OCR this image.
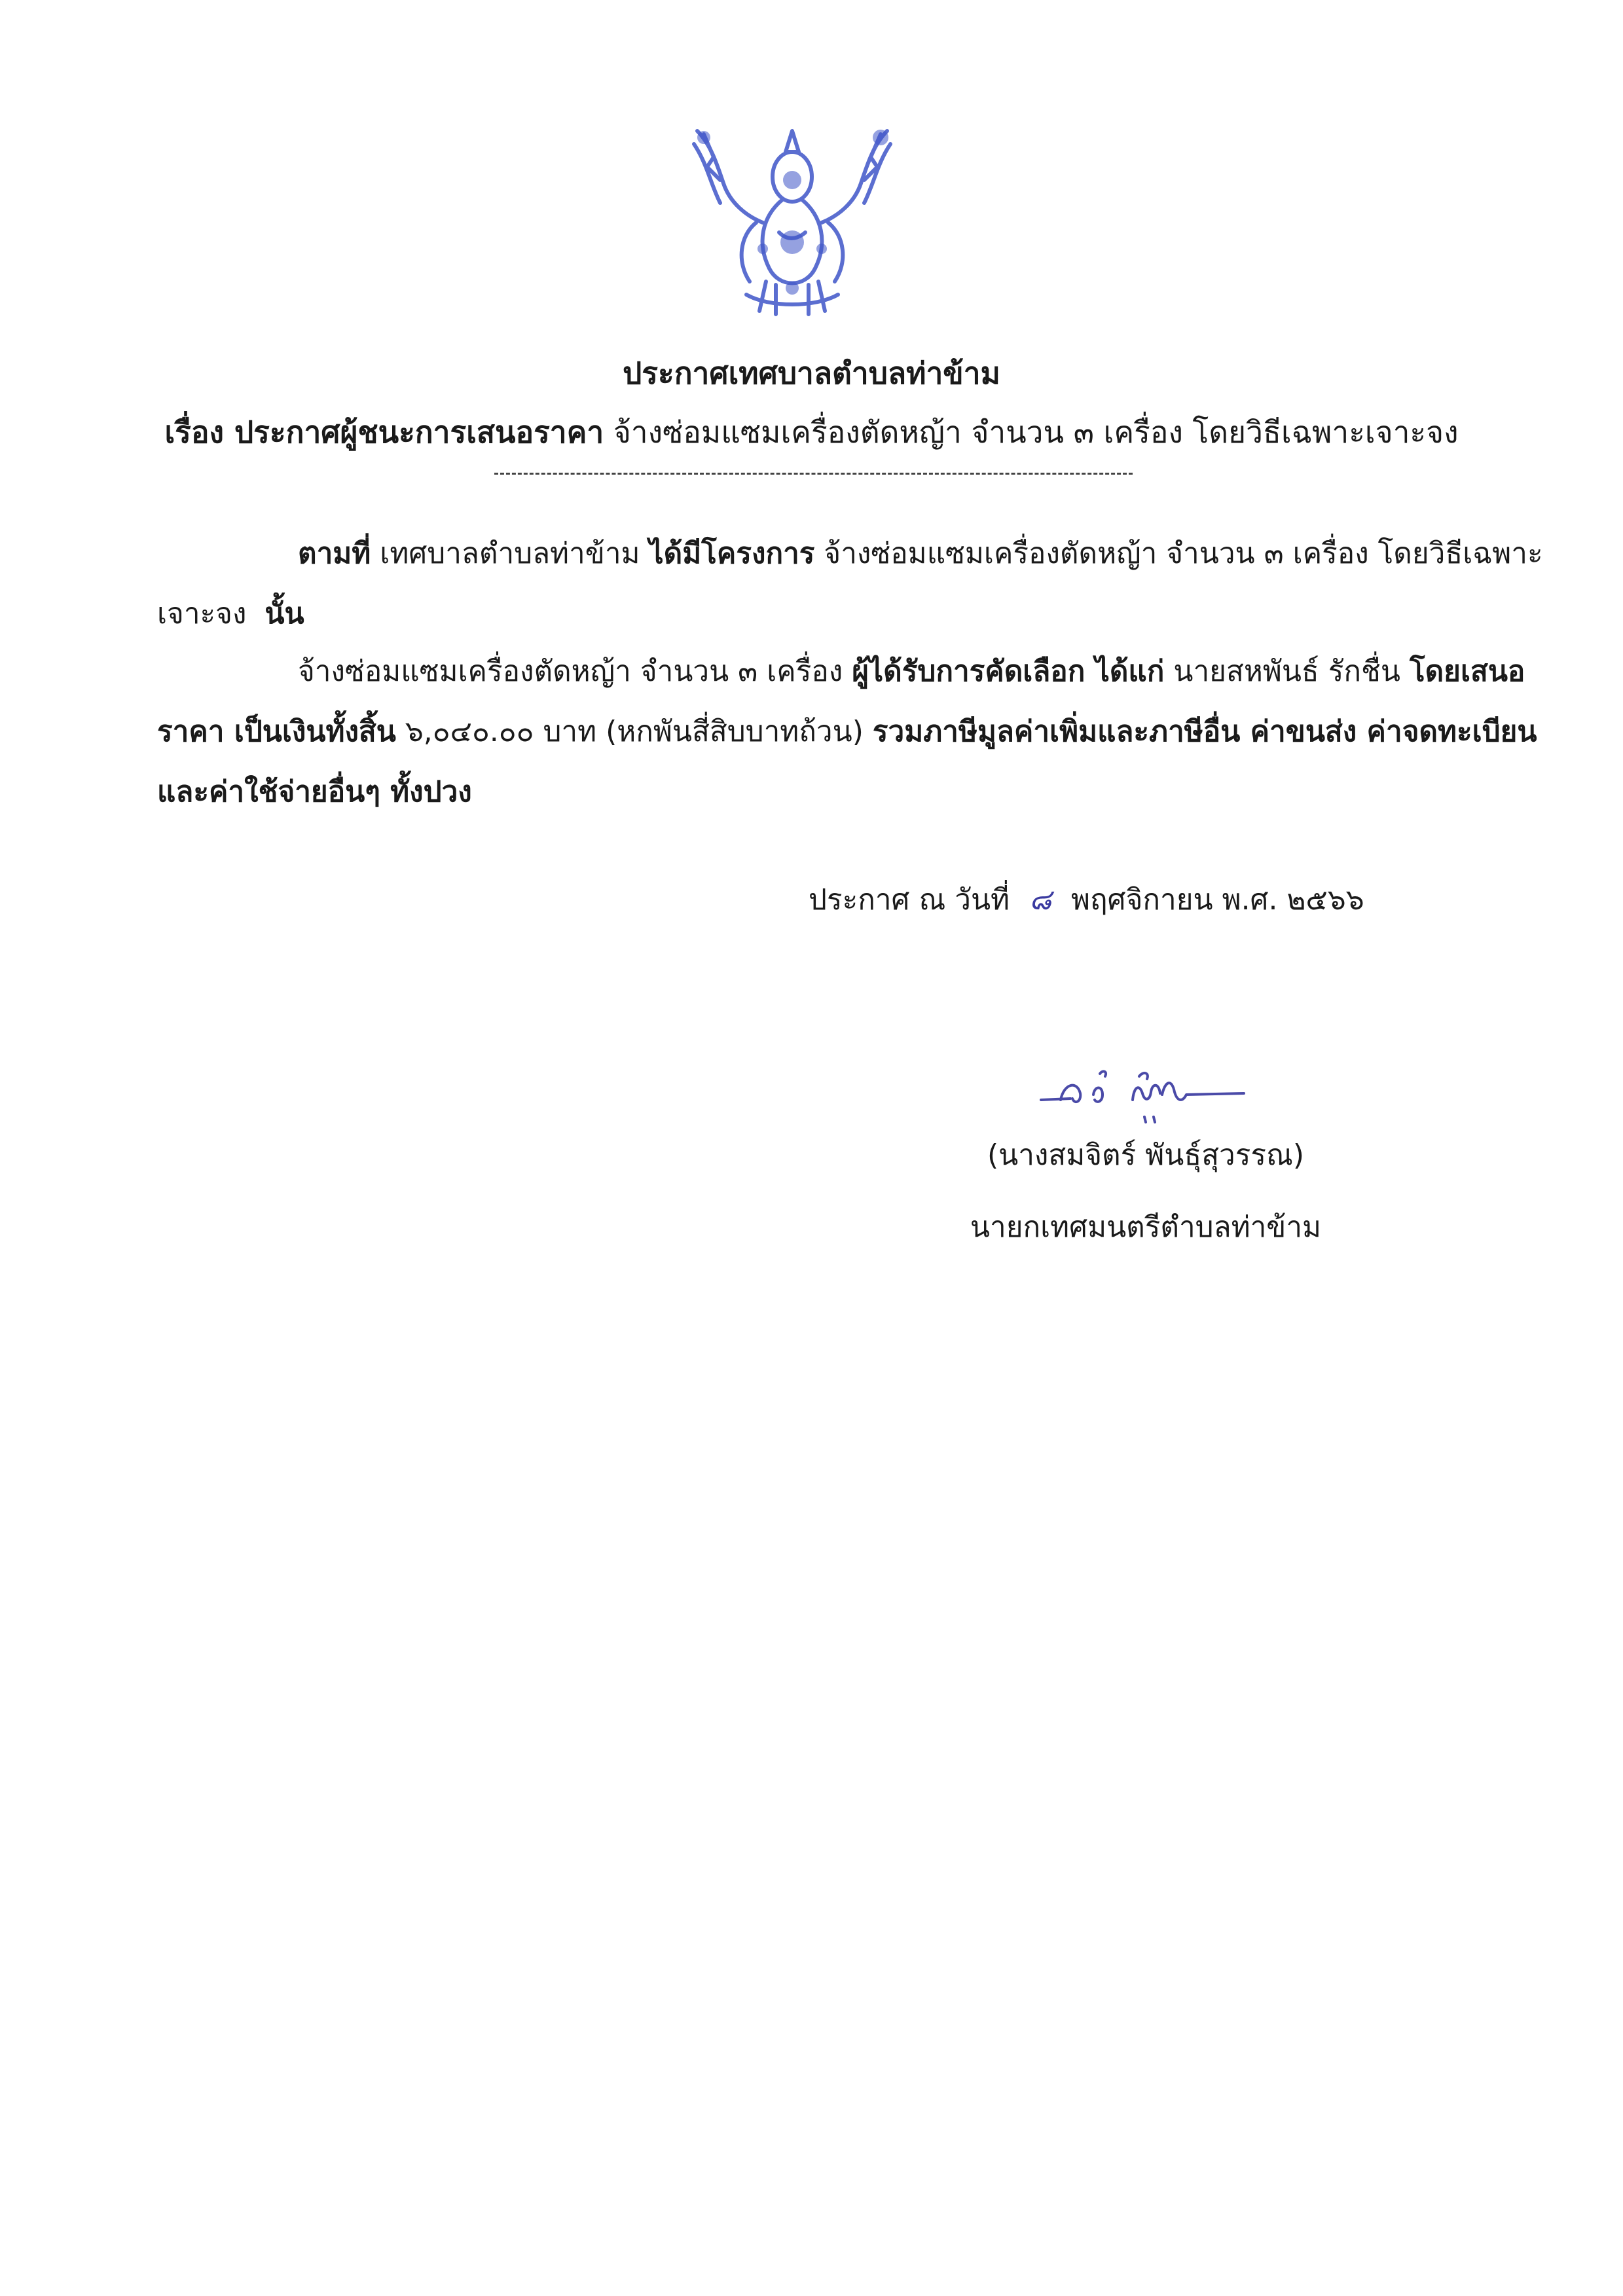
ประกาศเทศบาลตำบลท่าข้าม
เรื่อง ประกาศผู้ชนะการเสนอราคา จ้างซ่อมแซมเครื่องตัดหญ้า จำนวน ๓ เครื่อง โดยวิธีเฉพาะเจาะจง
ตามที่ เทศบาลตำบลท่าข้าม ได้มีโครงการ จ้างซ่อมแซมเครื่องตัดหญ้า จำนวน ๓ เครื่อง โดยวิธีเฉพาะ
เจาะจง นั้น
จ้างซ่อมแซมเครื่องตัดหญ้า จำนวน ๓ เครื่อง ผู้ได้รับการคัดเลือก ได้แก่ นายสหพันธ์ รักชื่น โดยเสนอ
ราคา เป็นเงินทั้งสิ้น ๖,๐๔๐.๐๐ บาท (หกพันสี่สิบบาทถ้วน) รวมภาษีมูลค่าเพิ่มและภาษีอื่น ค่าขนส่ง ค่าจดทะเบียน
และค่าใช้จ่ายอื่นๆ ทั้งปวง
ประกาศ ณ วันที่ ๘ พฤศจิกายน พ.ศ. ๒๕๖๖
(นางสมจิตร์ พันธุ์สุวรรณ)
นายกเทศมนตรีตำบลท่าข้าม
